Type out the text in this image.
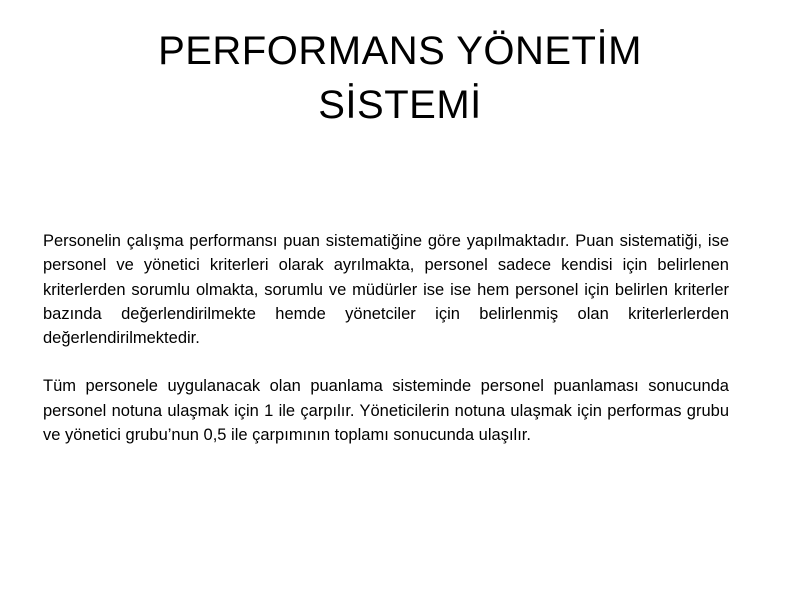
PERFORMANS YÖNETİM
SİSTEMİ

Personelin çalışma performansı puan sistematiğine göre yapılmaktadır. Puan sistematiği, ise personel ve yönetici kriterleri olarak ayrılmakta, personel sadece kendisi için belirlenen kriterlerden sorumlu olmakta, sorumlu ve müdürler ise ise hem personel için belirlen kriterler bazında değerlendirilmekte hemde yönetciler için belirlenmiş olan kriterlerlerden değerlendirilmektedir.

Tüm personele uygulanacak olan puanlama sisteminde personel puanlaması sonucunda personel notuna ulaşmak için 1 ile çarpılır. Yöneticilerin notuna ulaşmak için performas grubu ve yönetici grubu’nun 0,5 ile çarpımının toplamı sonucunda ulaşılır.
